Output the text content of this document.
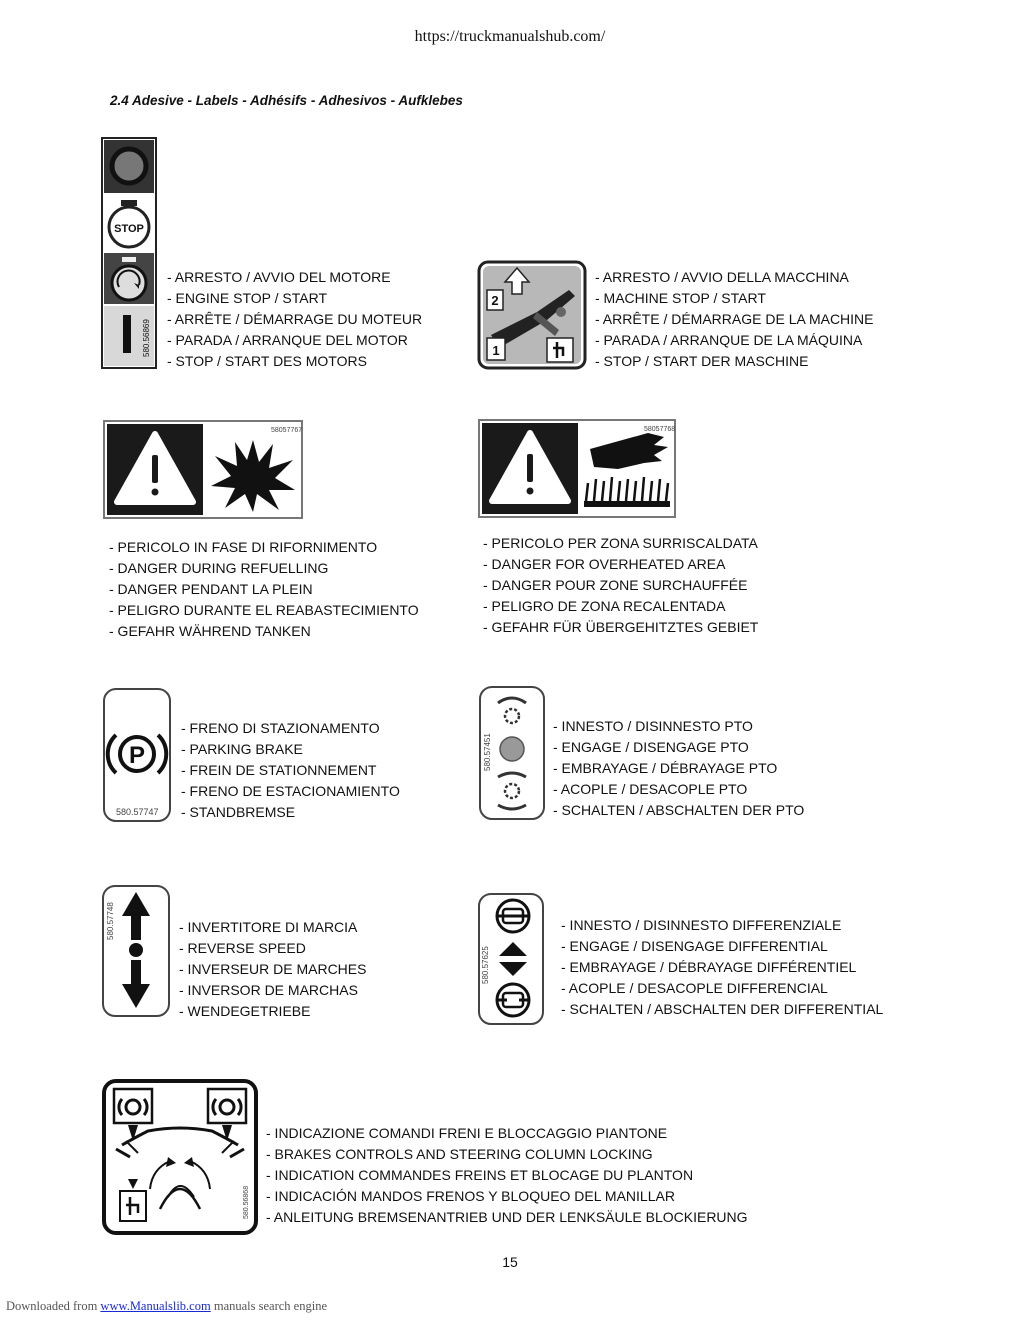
https://truckmanualshub.com/
2.4 Adesive - Labels - Adhésifs - Adhesivos - Aufklebes
STOP
580.56869
- ARRESTO / AVVIO DEL MOTORE
- ENGINE STOP / START
- ARRÊTE / DÉMARRAGE DU MOTEUR
- PARADA / ARRANQUE DEL MOTOR
- STOP / START DES MOTORS
2
1
- ARRESTO / AVVIO DELLA MACCHINA
- MACHINE STOP / START
- ARRÊTE / DÉMARRAGE DE LA MACHINE
- PARADA / ARRANQUE DE LA MÁQUINA
- STOP / START DER MASCHINE
58057767
- PERICOLO IN FASE DI RIFORNIMENTO
- DANGER DURING REFUELLING
- DANGER PENDANT LA PLEIN
- PELIGRO DURANTE EL REABASTECIMIENTO
- GEFAHR WÄHREND TANKEN
58057768
- PERICOLO PER ZONA SURRISCALDATA
- DANGER FOR OVERHEATED AREA
- DANGER POUR ZONE SURCHAUFFÉE
- PELIGRO DE ZONA RECALENTADA
- GEFAHR FÜR ÜBERGEHITZTES GEBIET
P
580.57747
- FRENO DI STAZIONAMENTO
- PARKING BRAKE
- FREIN DE STATIONNEMENT
- FRENO DE ESTACIONAMIENTO
- STANDBREMSE
580.57451
- INNESTO / DISINNESTO PTO
- ENGAGE / DISENGAGE PTO
- EMBRAYAGE / DÉBRAYAGE PTO
- ACOPLE / DESACOPLE PTO
- SCHALTEN / ABSCHALTEN DER PTO
580.57748	- INVERTITORE DI MARCIA
- REVERSE SPEED
- INVERSEUR DE MARCHES
- INVERSOR DE MARCHAS
- WENDEGETRIEBE
580.57625
- INNESTO / DISINNESTO DIFFERENZIALE
- ENGAGE / DISENGAGE DIFFERENTIAL
- EMBRAYAGE / DÉBRAYAGE DIFFÉRENTIEL
- ACOPLE / DESACOPLE DIFFERENCIAL
- SCHALTEN / ABSCHALTEN DER DIFFERENTIAL
580.56868
- INDICAZIONE COMANDI FRENI E BLOCCAGGIO PIANTONE
- BRAKES CONTROLS AND STEERING COLUMN LOCKING
- INDICATION COMMANDES FREINS ET BLOCAGE DU PLANTON
- INDICACIÓN MANDOS FRENOS Y BLOQUEO DEL MANILLAR
- ANLEITUNG BREMSENANTRIEB UND DER LENKSÄULE BLOCKIERUNG
15
Downloaded from www.Manualslib.com manuals search engine
